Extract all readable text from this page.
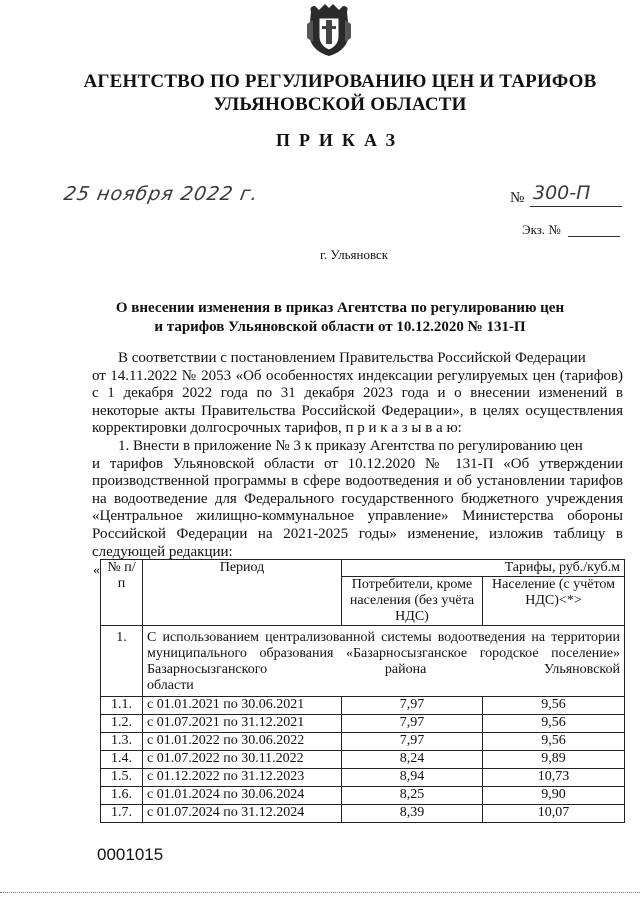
АГЕНТСТВО ПО РЕГУЛИРОВАНИЮ ЦЕН И ТАРИФОВ
УЛЬЯНОВСКОЙ ОБЛАСТИ
ПРИКАЗ
25 ноября 2022 г.	№ 300-П
Экз. №
г. Ульяновск
О внесении изменения в приказ Агентства по регулированию цен
и тарифов Ульяновской области от 10.12.2020 № 131-П
В соответствии с постановлением Правительства Российской Федерации
от 14.11.2022 № 2053 «Об особенностях индексации регулируемых цен (тарифов) с 1 декабря 2022 года по 31 декабря 2023 года и о внесении изменений в некоторые акты Правительства Российской Федерации», в целях осуществления корректировки долгосрочных тарифов, п р и к а з ы в а ю:
1. Внести в приложение № 3 к приказу Агентства по регулированию цен
и тарифов Ульяновской области от 10.12.2020 № 131-П «Об утверждении производственной программы в сфере водоотведения и об установлении тарифов на водоотведение для Федерального государственного бюджетного учреждения «Центральное жилищно-коммунальное управление» Министерства обороны Российской Федерации на 2021-2025 годы» изменение, изложив таблицу в следующей редакции:
« № п/п	Период	Тарифы, руб./куб.м	
		Потребители, кроме населения (без учёта НДС)	Население (с учётом НДС)<*>
1.	С использованием централизованной системы водоотведения на территории муниципального образования «Базарносызганское городское поселение» Базарносызганского района Ульяновской
области		
1.1.	с 01.01.2021 по 30.06.2021	7,97	9,56
1.2.	с 01.07.2021 по 31.12.2021	7,97	9,56
1.3.	с 01.01.2022 по 30.06.2022	7,97	9,56
1.4.	с 01.07.2022 по 30.11.2022	8,24	9,89
1.5.	с 01.12.2022 по 31.12.2023	8,94	10,73
1.6.	с 01.01.2024 по 30.06.2024	8,25	9,90
1.7.	с 01.07.2024 по 31.12.2024	8,39	10,07
0001015
